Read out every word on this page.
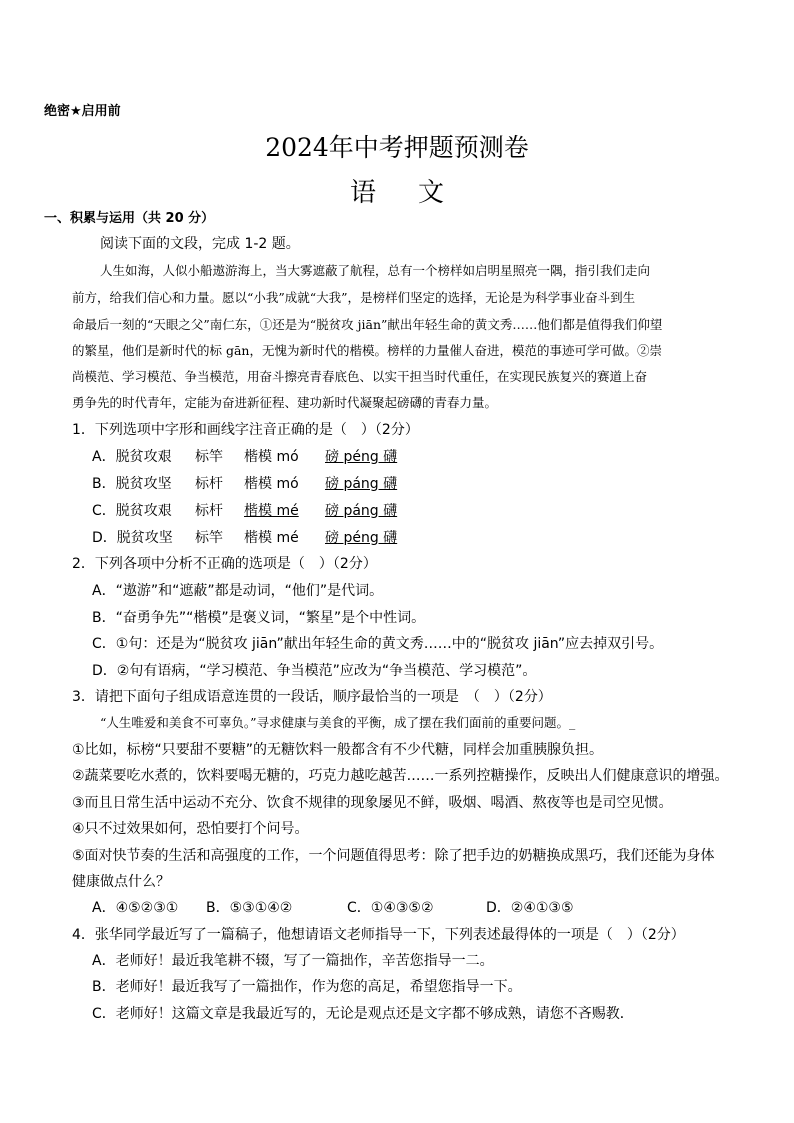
绝密★启用前
2024年中考押题预测卷
语文
一、积累与运用（共 20 分）
阅读下面的文段，完成 1-2 题。
人生如海，人似小船遨游海上，当大雾遮蔽了航程，总有一个榜样如启明星照亮一隅，指引我们走向
前方，给我们信心和力量。愿以“小我”成就“大我”，是榜样们坚定的选择，无论是为科学事业奋斗到生
命最后一刻的“天眼之父”南仁东，①还是为“脱贫攻 jiān”献出年轻生命的黄文秀……他们都是值得我们仰望
的繁星，他们是新时代的标 gān，无愧为新时代的楷模。榜样的力量催人奋进，模范的事迹可学可做。②崇
尚模范、学习模范、争当模范，用奋斗擦亮青春底色、以实干担当时代重任，在实现民族复兴的赛道上奋
勇争先的时代青年，定能为奋进新征程、建功新时代凝聚起磅礴的青春力量。
1．下列选项中字形和画线字注音正确的是（　）（2分）
A．脱贫攻艰 标竿 楷模 mó 磅 péng 礴
B．脱贫攻坚 标杆 楷模 mó 磅 páng 礴
C．脱贫攻艰 标杆 楷模 mé 磅 páng 礴
D．脱贫攻坚 标竿 楷模 mé 磅 péng 礴
2．下列各项中分析不正确的选项是（　）（2分）
A．“遨游”和“遮蔽”都是动词，“他们”是代词。
B．“奋勇争先”“楷模”是褒义词，“繁星”是个中性词。
C．①句：还是为“脱贫攻 jiān”献出年轻生命的黄文秀……中的“脱贫攻 jiān”应去掉双引号。
D．②句有语病，“学习模范、争当模范”应改为“争当模范、学习模范”。
3．请把下面句子组成语意连贯的一段话，顺序最恰当的一项是　（　）（2分）
“人生唯爱和美食不可辜负。”寻求健康与美食的平衡，成了摆在我们面前的重要问题。_
①比如，标榜“只要甜不要糖”的无糖饮料一般都含有不少代糖，同样会加重胰腺负担。
②蔬菜要吃水煮的，饮料要喝无糖的，巧克力越吃越苦……一系列控糖操作，反映出人们健康意识的增强。
③而且日常生活中运动不充分、饮食不规律的现象屡见不鲜，吸烟、喝酒、熬夜等也是司空见惯。
④只不过效果如何，恐怕要打个问号。
⑤面对快节奏的生活和高强度的工作，一个问题值得思考：除了把手边的奶糖换成黑巧，我们还能为身体
健康做点什么？
A．④⑤②③① B．⑤③①④②	C．①④③⑤②	D．②④①③⑤
4．张华同学最近写了一篇稿子，他想请语文老师指导一下，下列表述最得体的一项是（　）（2分）
A．老师好！最近我笔耕不辍，写了一篇拙作，辛苦您指导一二。
B．老师好！最近我写了一篇拙作，作为您的高足，希望您指导一下。
C．老师好！这篇文章是我最近写的，无论是观点还是文字都不够成熟，请您不吝赐教．
